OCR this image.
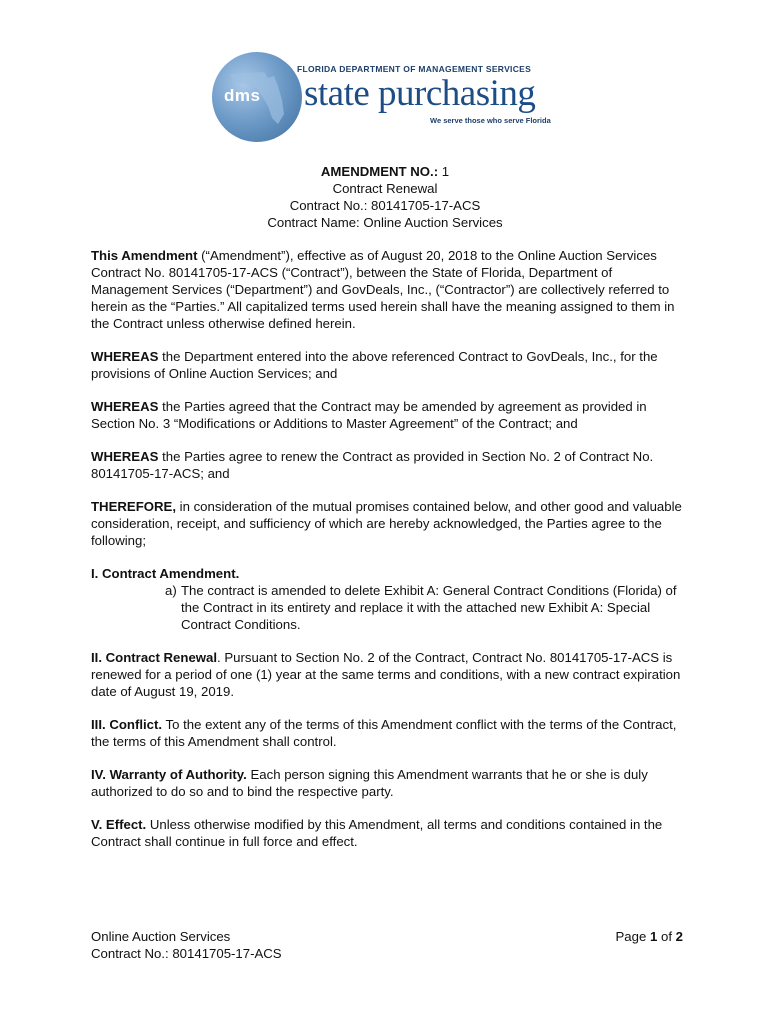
dms
FLORIDA DEPARTMENT OF MANAGEMENT SERVICES
state purchasing
We serve those who serve Florida
AMENDMENT NO.: 1
Contract Renewal
Contract No.: 80141705-17-ACS
Contract Name: Online Auction Services

This Amendment (“Amendment”), effective as of August 20, 2018 to the Online Auction Services Contract No. 80141705-17-ACS (“Contract”), between the State of Florida, Department of Management Services (“Department”) and GovDeals, Inc., (“Contractor”) are collectively referred to herein as the “Parties.” All capitalized terms used herein shall have the meaning assigned to them in the Contract unless otherwise defined herein.

WHEREAS the Department entered into the above referenced Contract to GovDeals, Inc., for the provisions of Online Auction Services; and

WHEREAS the Parties agreed that the Contract may be amended by agreement as provided in Section No. 3 “Modifications or Additions to Master Agreement” of the Contract; and

WHEREAS the Parties agree to renew the Contract as provided in Section No. 2 of Contract No. 80141705-17-ACS; and

THEREFORE, in consideration of the mutual promises contained below, and other good and valuable consideration, receipt, and sufficiency of which are hereby acknowledged, the Parties agree to the following;

I. Contract Amendment.

a) The contract is amended to delete Exhibit A: General Contract Conditions (Florida) of the Contract in its entirety and replace it with the attached new Exhibit A: Special Contract Conditions.

II. Contract Renewal. Pursuant to Section No. 2 of the Contract, Contract No. 80141705-17-ACS is renewed for a period of one (1) year at the same terms and conditions, with a new contract expiration date of August 19, 2019.

III. Conflict. To the extent any of the terms of this Amendment conflict with the terms of the Contract, the terms of this Amendment shall control.

IV. Warranty of Authority. Each person signing this Amendment warrants that he or she is duly authorized to do so and to bind the respective party.

V. Effect. Unless otherwise modified by this Amendment, all terms and conditions contained in the Contract shall continue in full force and effect.

Online Auction Services
Contract No.: 80141705-17-ACS
Page 1 of 2
